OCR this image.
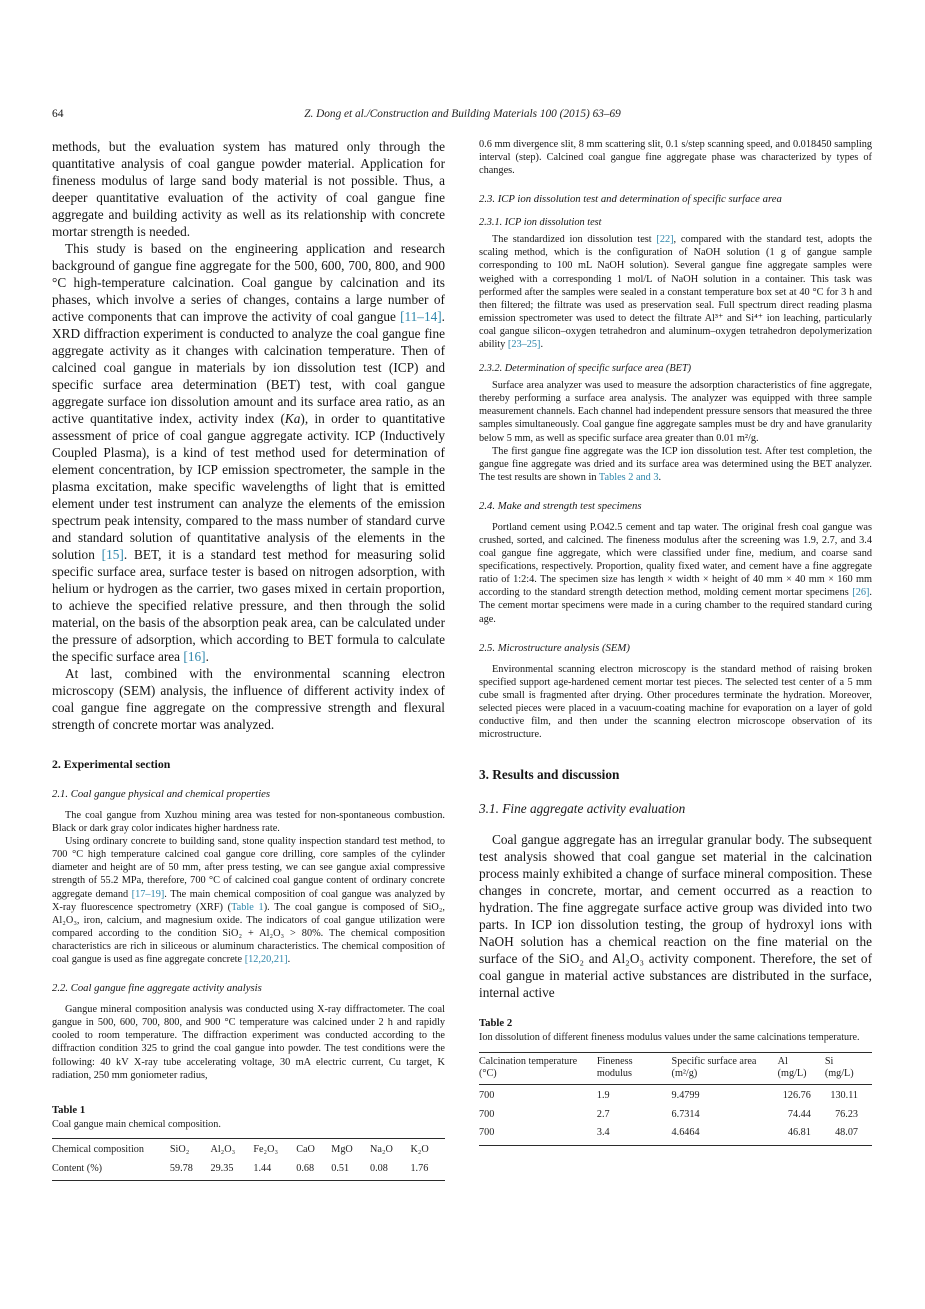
64	Z. Dong et al./Construction and Building Materials 100 (2015) 63–69

methods, but the evaluation system has matured only through the quantitative analysis of coal gangue powder material. Application for fineness modulus of large sand body material is not possible. Thus, a deeper quantitative evaluation of the activity of coal gangue fine aggregate and building activity as well as its relationship with concrete mortar strength is needed.

This study is based on the engineering application and research background of gangue fine aggregate for the 500, 600, 700, 800, and 900 °C high-temperature calcination. Coal gangue by calcination and its phases, which involve a series of changes, contains a large number of active components that can improve the activity of coal gangue [11–14]. XRD diffraction experiment is conducted to analyze the coal gangue fine aggregate activity as it changes with calcination temperature. Then of calcined coal gangue in materials by ion dissolution test (ICP) and specific surface area determination (BET) test, with coal gangue aggregate surface ion dissolution amount and its surface area ratio, as an active quantitative index, activity index (Ka), in order to quantitative assessment of price of coal gangue aggregate activity. ICP (Inductively Coupled Plasma), is a kind of test method used for determination of element concentration, by ICP emission spectrometer, the sample in the plasma excitation, make specific wavelengths of light that is emitted element under test instrument can analyze the elements of the emission spectrum peak intensity, compared to the mass number of standard curve and standard solution of quantitative analysis of the elements in the solution [15]. BET, it is a standard test method for measuring solid specific surface area, surface tester is based on nitrogen adsorption, with helium or hydrogen as the carrier, two gases mixed in certain proportion, to achieve the specified relative pressure, and then through the solid material, on the basis of the absorption peak area, can be calculated under the pressure of adsorption, which according to BET formula to calculate the specific surface area [16].

At last, combined with the environmental scanning electron microscopy (SEM) analysis, the influence of different activity index of coal gangue fine aggregate on the compressive strength and flexural strength of concrete mortar was analyzed.

2. Experimental section
2.1. Coal gangue physical and chemical properties

The coal gangue from Xuzhou mining area was tested for non-spontaneous combustion. Black or dark gray color indicates higher hardness rate.

Using ordinary concrete to building sand, stone quality inspection standard test method, to 700 °C high temperature calcined coal gangue core drilling, core samples of the cylinder diameter and height are of 50 mm, after press testing, we can see gangue axial compressive strength of 55.2 MPa, therefore, 700 °C of calcined coal gangue content of ordinary concrete aggregate demand [17–19]. The main chemical composition of coal gangue was analyzed by X-ray fluorescence spectrometry (XRF) (Table 1). The coal gangue is composed of SiO₂, Al₂O₃, iron, calcium, and magnesium oxide. The indicators of coal gangue utilization were compared according to the condition SiO₂ + Al₂O₃ > 80%. The chemical composition characteristics are rich in siliceous or aluminum characteristics. The chemical composition of coal gangue is used as fine aggregate concrete [12,20,21].

2.2. Coal gangue fine aggregate activity analysis

Gangue mineral composition analysis was conducted using X-ray diffractometer. The coal gangue in 500, 600, 700, 800, and 900 °C temperature was calcined under 2 h and rapidly cooled to room temperature. The diffraction experiment was conducted according to the diffraction condition 325 to grind the coal gangue into powder. The test conditions were the following: 40 kV X-ray tube accelerating voltage, 30 mA electric current, Cu target, K radiation, 250 mm goniometer radius,

Table 1
Coal gangue main chemical composition.
Chemical composition	SiO₂	Al₂O₃	Fe₂O₃	CaO	MgO	Na₂O	K₂O
Content (%)	59.78	29.35	1.44	0.68	0.51	0.08	1.76

0.6 mm divergence slit, 8 mm scattering slit, 0.1 s/step scanning speed, and 0.018450 sampling interval (step). Calcined coal gangue fine aggregate phase was characterized by types of changes.

2.3. ICP ion dissolution test and determination of specific surface area
2.3.1. ICP ion dissolution test

The standardized ion dissolution test [22], compared with the standard test, adopts the scaling method, which is the configuration of NaOH solution (1 g of gangue sample corresponding to 100 mL NaOH solution). Several gangue fine aggregate samples were weighed with a corresponding 1 mol/L of NaOH solution in a container. This task was performed after the samples were sealed in a constant temperature box set at 40 °C for 3 h and then filtered; the filtrate was used as preservation seal. Full spectrum direct reading plasma emission spectrometer was used to detect the filtrate Al³⁺ and Si⁴⁺ ion leaching, particularly coal gangue silicon–oxygen tetrahedron and aluminum–oxygen tetrahedron depolymerization ability [23–25].

2.3.2. Determination of specific surface area (BET)

Surface area analyzer was used to measure the adsorption characteristics of fine aggregate, thereby performing a surface area analysis. The analyzer was equipped with three sample measurement channels. Each channel had independent pressure sensors that measured the three samples simultaneously. Coal gangue fine aggregate samples must be dry and have granularity below 5 mm, as well as specific surface area greater than 0.01 m²/g.

The first gangue fine aggregate was the ICP ion dissolution test. After test completion, the gangue fine aggregate was dried and its surface area was determined using the BET analyzer. The test results are shown in Tables 2 and 3.

2.4. Make and strength test specimens

Portland cement using P.O42.5 cement and tap water. The original fresh coal gangue was crushed, sorted, and calcined. The fineness modulus after the screening was 1.9, 2.7, and 3.4 coal gangue fine aggregate, which were classified under fine, medium, and coarse sand specifications, respectively. Proportion, quality fixed water, and cement have a fine aggregate ratio of 1:2:4. The specimen size has length × width × height of 40 mm × 40 mm × 160 mm according to the standard strength detection method, molding cement mortar specimens [26]. The cement mortar specimens were made in a curing chamber to the required standard curing age.

2.5. Microstructure analysis (SEM)

Environmental scanning electron microscopy is the standard method of raising broken specified support age-hardened cement mortar test pieces. The selected test center of a 5 mm cube small is fragmented after drying. Other procedures terminate the hydration. Moreover, selected pieces were placed in a vacuum-coating machine for evaporation on a layer of gold conductive film, and then under the scanning electron microscope observation of its microstructure.

3. Results and discussion
3.1. Fine aggregate activity evaluation

Coal gangue aggregate has an irregular granular body. The subsequent test analysis showed that coal gangue set material in the calcination process mainly exhibited a change of surface mineral composition. These changes in concrete, mortar, and cement occurred as a reaction to hydration. The fine aggregate surface active group was divided into two parts. In ICP ion dissolution testing, the group of hydroxyl ions with NaOH solution has a chemical reaction on the fine material on the surface of the SiO₂ and Al₂O₃ activity component. Therefore, the set of coal gangue in material active substances are distributed in the surface, internal active

Table 2
Ion dissolution of different fineness modulus values under the same calcinations temperature.
Calcination temperature (°C)	Fineness modulus	Specific surface area (m²/g)	Al (mg/L)	Si (mg/L)
700	1.9	9.4799	126.76	130.11
700	2.7	6.7314	74.44	76.23
700	3.4	4.6464	46.81	48.07
